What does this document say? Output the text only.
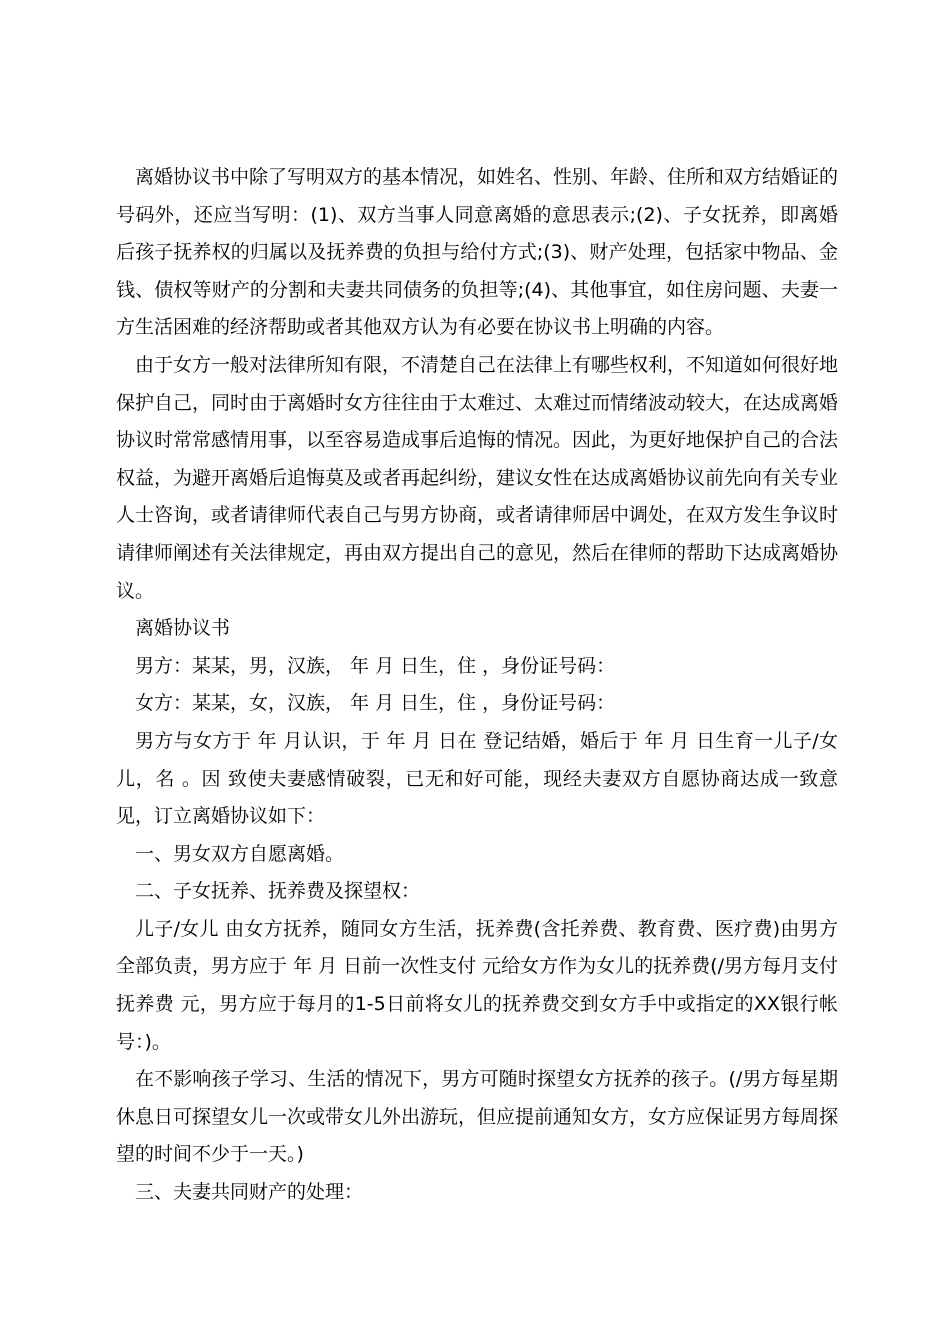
离婚协议书中除了写明双方的基本情况，如姓名、性别、年龄、住所和双方结婚证的号码外，还应当写明：(1)、双方当事人同意离婚的意思表示;(2)、子女抚养，即离婚后孩子抚养权的归属以及抚养费的负担与给付方式;(3)、财产处理，包括家中物品、金钱、债权等财产的分割和夫妻共同债务的负担等;(4)、其他事宜，如住房问题、夫妻一方生活困难的经济帮助或者其他双方认为有必要在协议书上明确的内容。

由于女方一般对法律所知有限，不清楚自己在法律上有哪些权利，不知道如何很好地保护自己，同时由于离婚时女方往往由于太难过、太难过而情绪波动较大，在达成离婚协议时常常感情用事，以至容易造成事后追悔的情况。因此，为更好地保护自己的合法权益，为避开离婚后追悔莫及或者再起纠纷，建议女性在达成离婚协议前先向有关专业人士咨询，或者请律师代表自己与男方协商，或者请律师居中调处，在双方发生争议时请律师阐述有关法律规定，再由双方提出自己的意见，然后在律师的帮助下达成离婚协议。

离婚协议书

男方：某某，男，汉族， 年 月 日生，住 ，身份证号码：

女方：某某，女，汉族， 年 月 日生，住 ，身份证号码：

男方与女方于 年 月认识，于 年 月 日在 登记结婚，婚后于 年 月 日生育一儿子/女儿，名 。因 致使夫妻感情破裂，已无和好可能，现经夫妻双方自愿协商达成一致意见，订立离婚协议如下：

一、男女双方自愿离婚。

二、子女抚养、抚养费及探望权：

儿子/女儿 由女方抚养，随同女方生活，抚养费(含托养费、教育费、医疗费)由男方全部负责，男方应于 年 月 日前一次性支付 元给女方作为女儿的抚养费(/男方每月支付抚养费 元，男方应于每月的1-5日前将女儿的抚养费交到女方手中或指定的XX银行帐号：)。

在不影响孩子学习、生活的情况下，男方可随时探望女方抚养的孩子。(/男方每星期休息日可探望女儿一次或带女儿外出游玩，但应提前通知女方，女方应保证男方每周探望的时间不少于一天。)

三、夫妻共同财产的处理：
